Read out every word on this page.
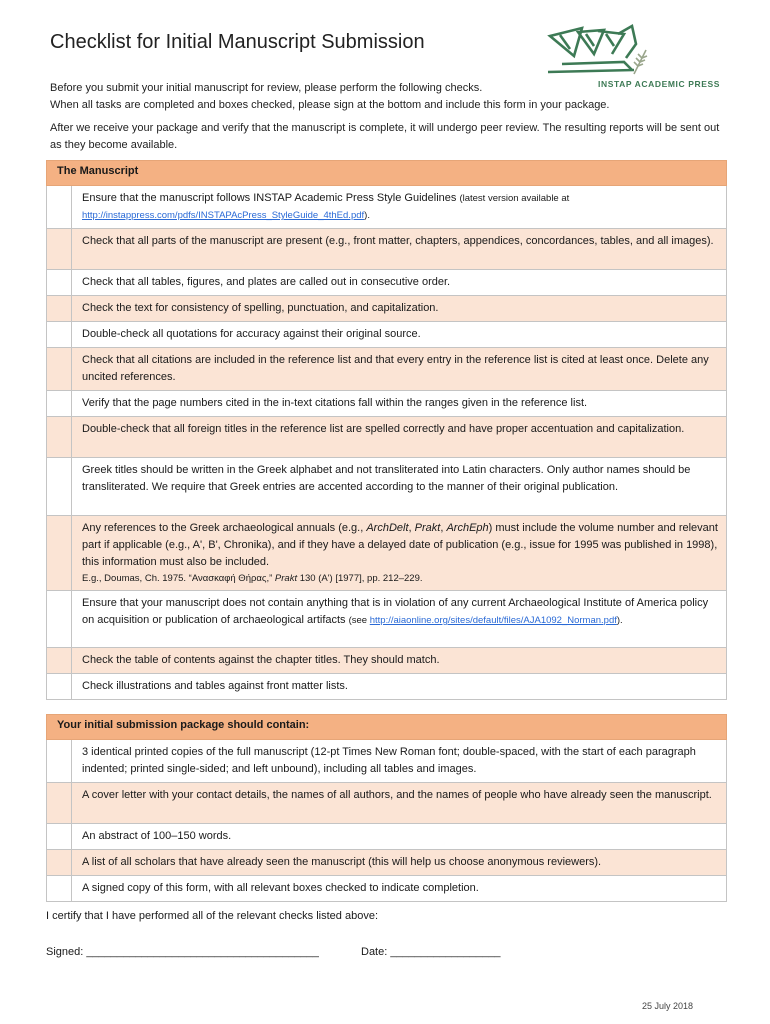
Checklist for Initial Manuscript Submission
INSTAP ACADEMIC PRESS
Before you submit your initial manuscript for review, please perform the following checks.
When all tasks are completed and boxes checked, please sign at the bottom and include this form in your package.
After we receive your package and verify that the manuscript is complete, it will undergo peer review. The resulting reports will be sent out as they become available.
The Manuscript	
	Ensure that the manuscript follows INSTAP Academic Press Style Guidelines (latest version available at
http://instappress.com/pdfs/INSTAPAcPress_StyleGuide_4thEd.pdf).
	Check that all parts of the manuscript are present (e.g., front matter, chapters, appendices, concordances, tables, and all images).
	Check that all tables, figures, and plates are called out in consecutive order.
	Check the text for consistency of spelling, punctuation, and capitalization.
	Double-check all quotations for accuracy against their original source.
	Check that all citations are included in the reference list and that every entry in the reference list is cited at least once. Delete any uncited references.
	Verify that the page numbers cited in the in-text citations fall within the ranges given in the reference list.
	Double-check that all foreign titles in the reference list are spelled correctly and have proper accentuation and capitalization.
	Greek titles should be written in the Greek alphabet and not transliterated into Latin characters. Only author names should be transliterated. We require that Greek entries are accented according to the manner of their original publication.
	Any references to the Greek archaeological annuals (e.g., ArchDelt, Prakt, ArchEph) must include the volume number and relevant part if applicable (e.g., A', B', Chronika), and if they have a delayed date of publication (e.g., issue for 1995 was published in 1998), this information must also be included.
E.g., Doumas, Ch. 1975. “Ανασκαφή Θήρας,” Prakt 130 (A') [1977], pp. 212–229.

	Ensure that your manuscript does not contain anything that is in violation of any current Archaeological Institute of America policy on acquisition or publication of archaeological artifacts (see http://aiaonline.org/sites/default/files/AJA1092_Norman.pdf).
	Check the table of contents against the chapter titles. They should match.
	Check illustrations and tables against front matter lists.
Your initial submission package should contain:	
	3 identical printed copies of the full manuscript (12-pt Times New Roman font; double-spaced, with the start of each paragraph indented; printed single-sided; and left unbound), including all tables and images.
	A cover letter with your contact details, the names of all authors, and the names of people who have already seen the manuscript.
	An abstract of 100–150 words.
	A list of all scholars that have already seen the manuscript (this will help us choose anonymous reviewers).
	A signed copy of this form, with all relevant boxes checked to indicate completion.
I certify that I have performed all of the relevant checks listed above:
Signed: ______________________________________	Date: __________________
25 July 2018
